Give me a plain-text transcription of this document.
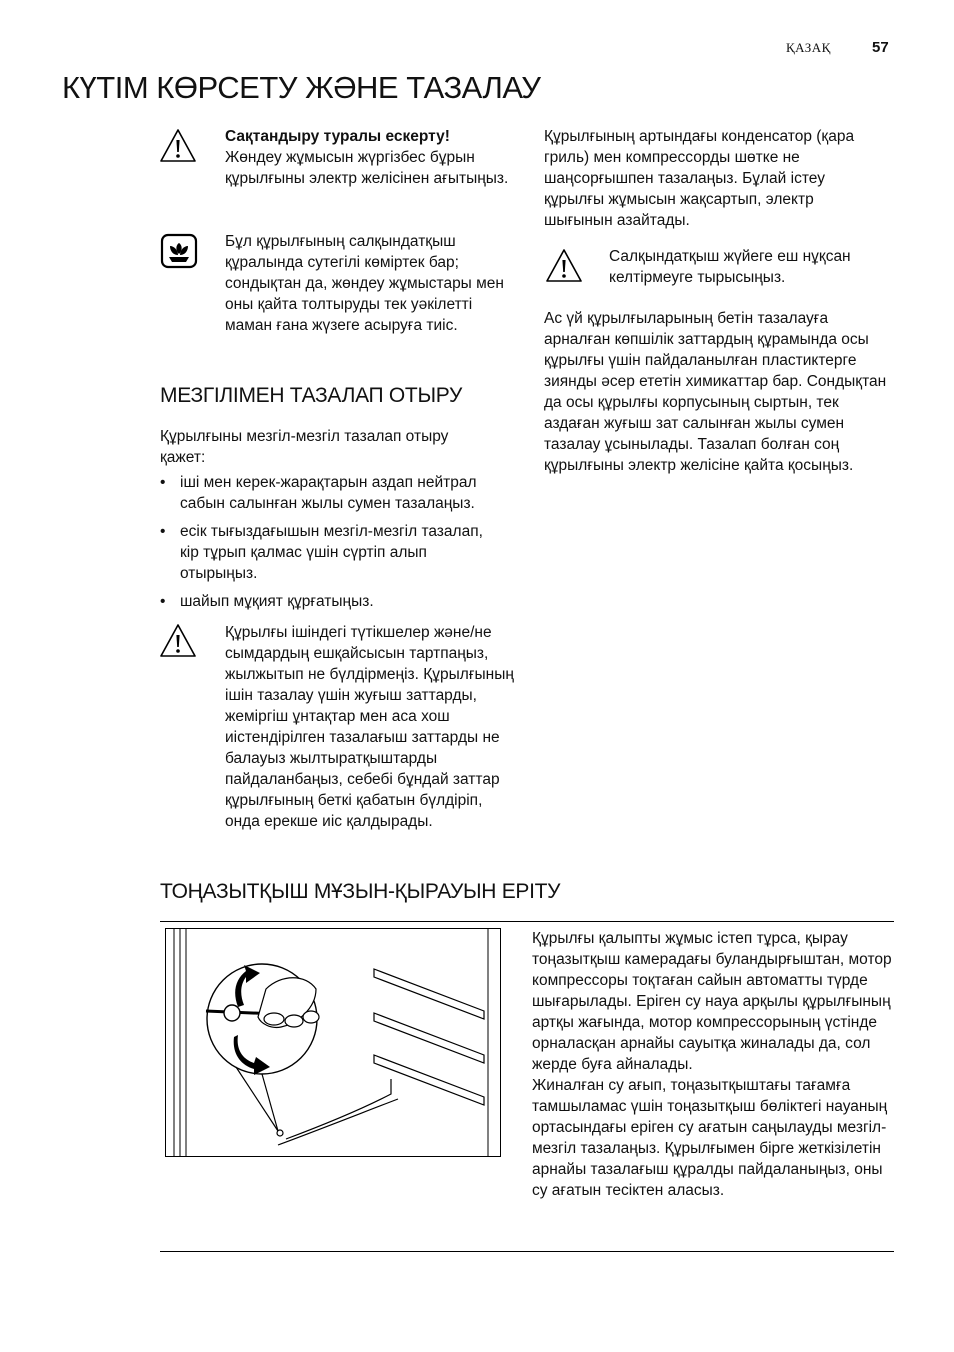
ҚАЗАҚ	57
КҮТІМ КӨРСЕТУ ЖӘНЕ ТАЗАЛАУ

Сақтандыру туралы ескерту!

Жөндеу жұмысын жүргізбес бұрын құрылғыны электр желісінен ағытыңыз.

Бұл құрылғының салқындатқыш құралында сутегілі көміртек бар; сондықтан да, жөндеу жұмыстары мен оны қайта толтыруды тек уәкілетті маман ғана жүзеге асыруға тиіс.

МЕЗГІЛІМЕН ТАЗАЛАП ОТЫРУ

Құрылғыны мезгіл-мезгіл тазалап отыру қажет:

• іші мен керек-жарақтарын аздап нейтрал сабын салынған жылы сумен тазалаңыз.
• есік тығыздағышын мезгіл-мезгіл тазалап, кір тұрып қалмас үшін сүртіп алып отырыңыз.
• шайып мұқият құрғатыңыз.

Құрылғы ішіндегі түтікшелер және/не сымдардың ешқайсысын тартпаңыз, жылжытып не бүлдірмеңіз. Құрылғының ішін тазалау үшін жуғыш заттарды, жеміргіш ұнтақтар мен аса хош иістендірілген тазалағыш заттарды не балауыз жылтыратқыштарды пайдаланбаңыз, себебі бұндай заттар құрылғының беткі қабатын бүлдіріп, онда ерекше иіс қалдырады.

Құрылғының артындағы конденсатор (қара гриль) мен компрессорды шөтке не шаңсорғышпен тазалаңыз. Бұлай істеу құрылғы жұмысын жақсартып, электр шығынын азайтады.

Салқындатқыш жүйеге еш нұқсан келтірмеуге тырысыңыз.

Ас үй құрылғыларының бетін тазалауға арналған көпшілік заттардың құрамында осы құрылғы үшін пайдаланылған пластиктерге зиянды әсер ететін химикаттар бар. Сондықтан да осы құрылғы корпусының сыртын, тек аздаған жуғыш зат салынған жылы сумен тазалау ұсынылады. Тазалап болған соң құрылғыны электр желісіне қайта қосыңыз.

ТОҢАЗЫТҚЫШ МҰЗЫН-ҚЫРАУЫН ЕРІТУ

Құрылғы қалыпты жұмыс істеп тұрса, қырау тоңазытқыш камерадағы буландырғыштан, мотор компрессоры тоқтаған сайын автоматты түрде шығарылады. Еріген су науа арқылы құрылғының артқы жағында, мотор компрессорының үстінде орналасқан арнайы сауытқа жиналады да, сол жерде буға айналады.
Жиналған су ағып, тоңазытқыштағы тағамға тамшыламас үшін тоңазытқыш бөліктегі науаның ортасындағы еріген су ағатын саңылауды мезгіл-мезгіл тазалаңыз. Құрылғымен бірге жеткізілетін арнайы тазалағыш құралды пайдаланыңыз, оны су ағатын тесіктен аласыз.
